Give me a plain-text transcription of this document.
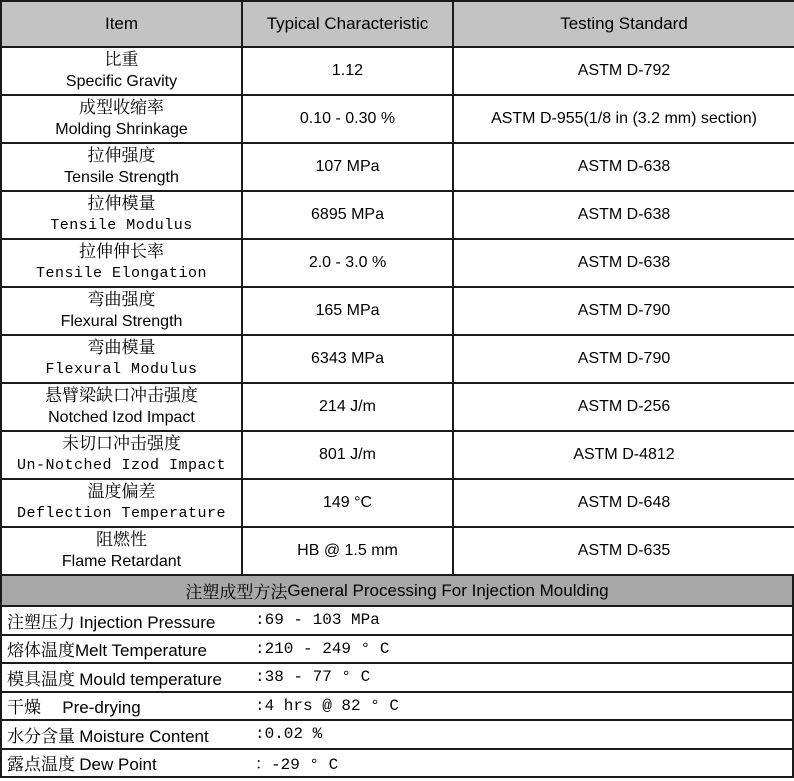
Item	Typical Characteristic	Testing Standard

比重
Specific Gravity	1.12	ASTM D-792

成型收缩率
Molding Shrinkage	0.10 - 0.30 %	ASTM D-955(1/8 in (3.2 mm) section)

拉伸强度
Tensile Strength	107 MPa	ASTM D-638

拉伸模量
Tensile Modulus	6895 MPa	ASTM D-638

拉伸伸长率
Tensile Elongation	2.0 - 3.0 %	ASTM D-638

弯曲强度
Flexural Strength	165 MPa	ASTM D-790

弯曲模量
Flexural Modulus	6343 MPa	ASTM D-790

悬臂梁缺口冲击强度
Notched Izod Impact	214 J/m	ASTM D-256

未切口冲击强度
Un-Notched Izod Impact	801 J/m	ASTM D-4812

温度偏差
Deflection Temperature	149 °C	ASTM D-648

阻燃性
Flame Retardant	HB @ 1.5 mm	ASTM D-635
注塑成型方法 General Processing For Injection Moulding
注塑压力 Injection Pressure	:69 - 103 MPa

熔体温度Melt Temperature	:210 - 249 ° C

模具温度 Mould temperature	:38 - 77 ° C

干燥     Pre-drying	:4 hrs @ 82 ° C

水分含量 Moisture Content	:0.02 %

露点温度 Dew Point	：-29 ° C
